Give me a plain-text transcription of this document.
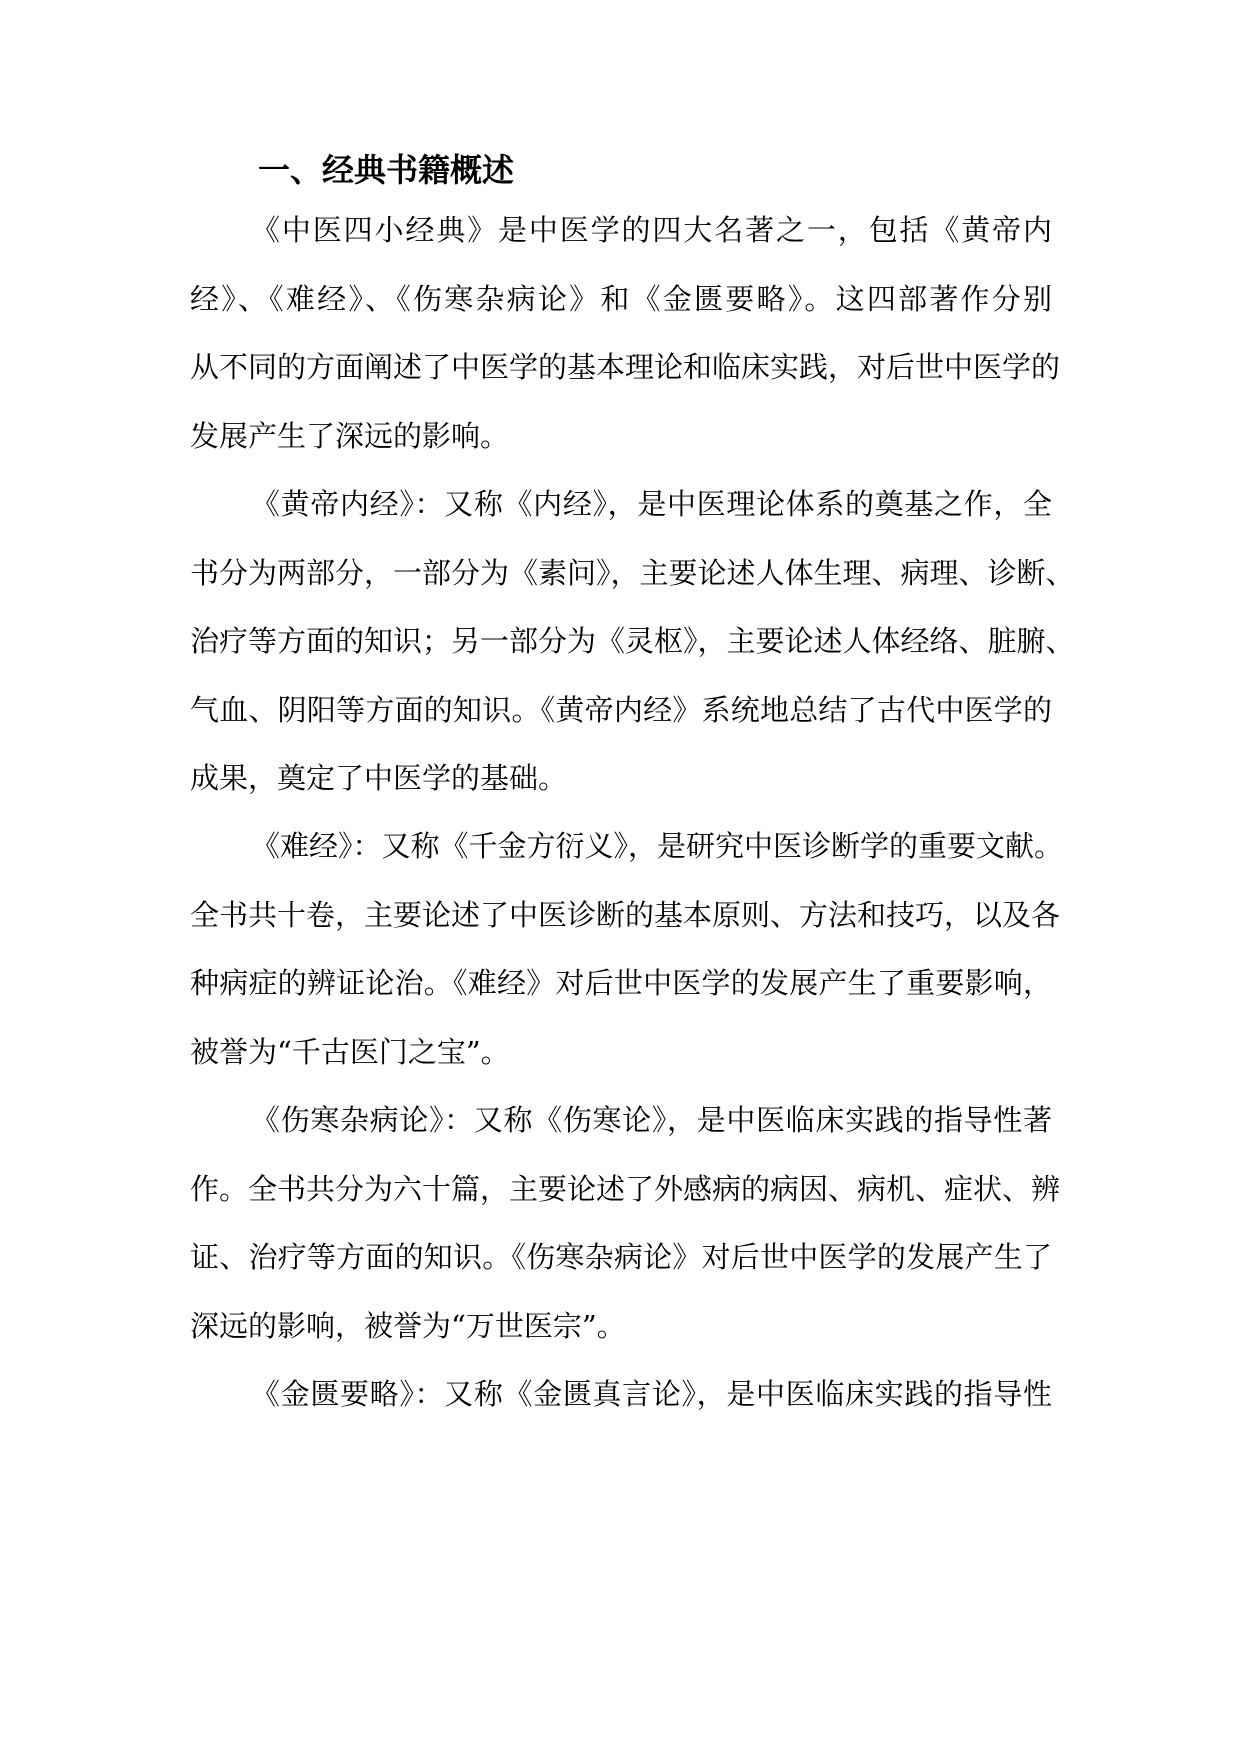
一、经典书籍概述

《中医四小经典》是中医学的四大名著之一，包括《黄帝内

经》、《难经》、《伤寒杂病论》和《金匮要略》。这四部著作分别

从不同的方面阐述了中医学的基本理论和临床实践，对后世中医学的

发展产生了深远的影响。

《黄帝内经》：又称《内经》，是中医理论体系的奠基之作，全

书分为两部分，一部分为《素问》，主要论述人体生理、病理、诊断、

治疗等方面的知识；另一部分为《灵枢》，主要论述人体经络、脏腑、

气血、阴阳等方面的知识。《黄帝内经》系统地总结了古代中医学的

成果，奠定了中医学的基础。

《难经》：又称《千金方衍义》，是研究中医诊断学的重要文献。

全书共十卷，主要论述了中医诊断的基本原则、方法和技巧，以及各

种病症的辨证论治。《难经》对后世中医学的发展产生了重要影响，

被誉为“千古医门之宝”。

《伤寒杂病论》：又称《伤寒论》，是中医临床实践的指导性著

作。全书共分为六十篇，主要论述了外感病的病因、病机、症状、辨

证、治疗等方面的知识。《伤寒杂病论》对后世中医学的发展产生了

深远的影响，被誉为“万世医宗”。

《金匮要略》：又称《金匮真言论》，是中医临床实践的指导性
